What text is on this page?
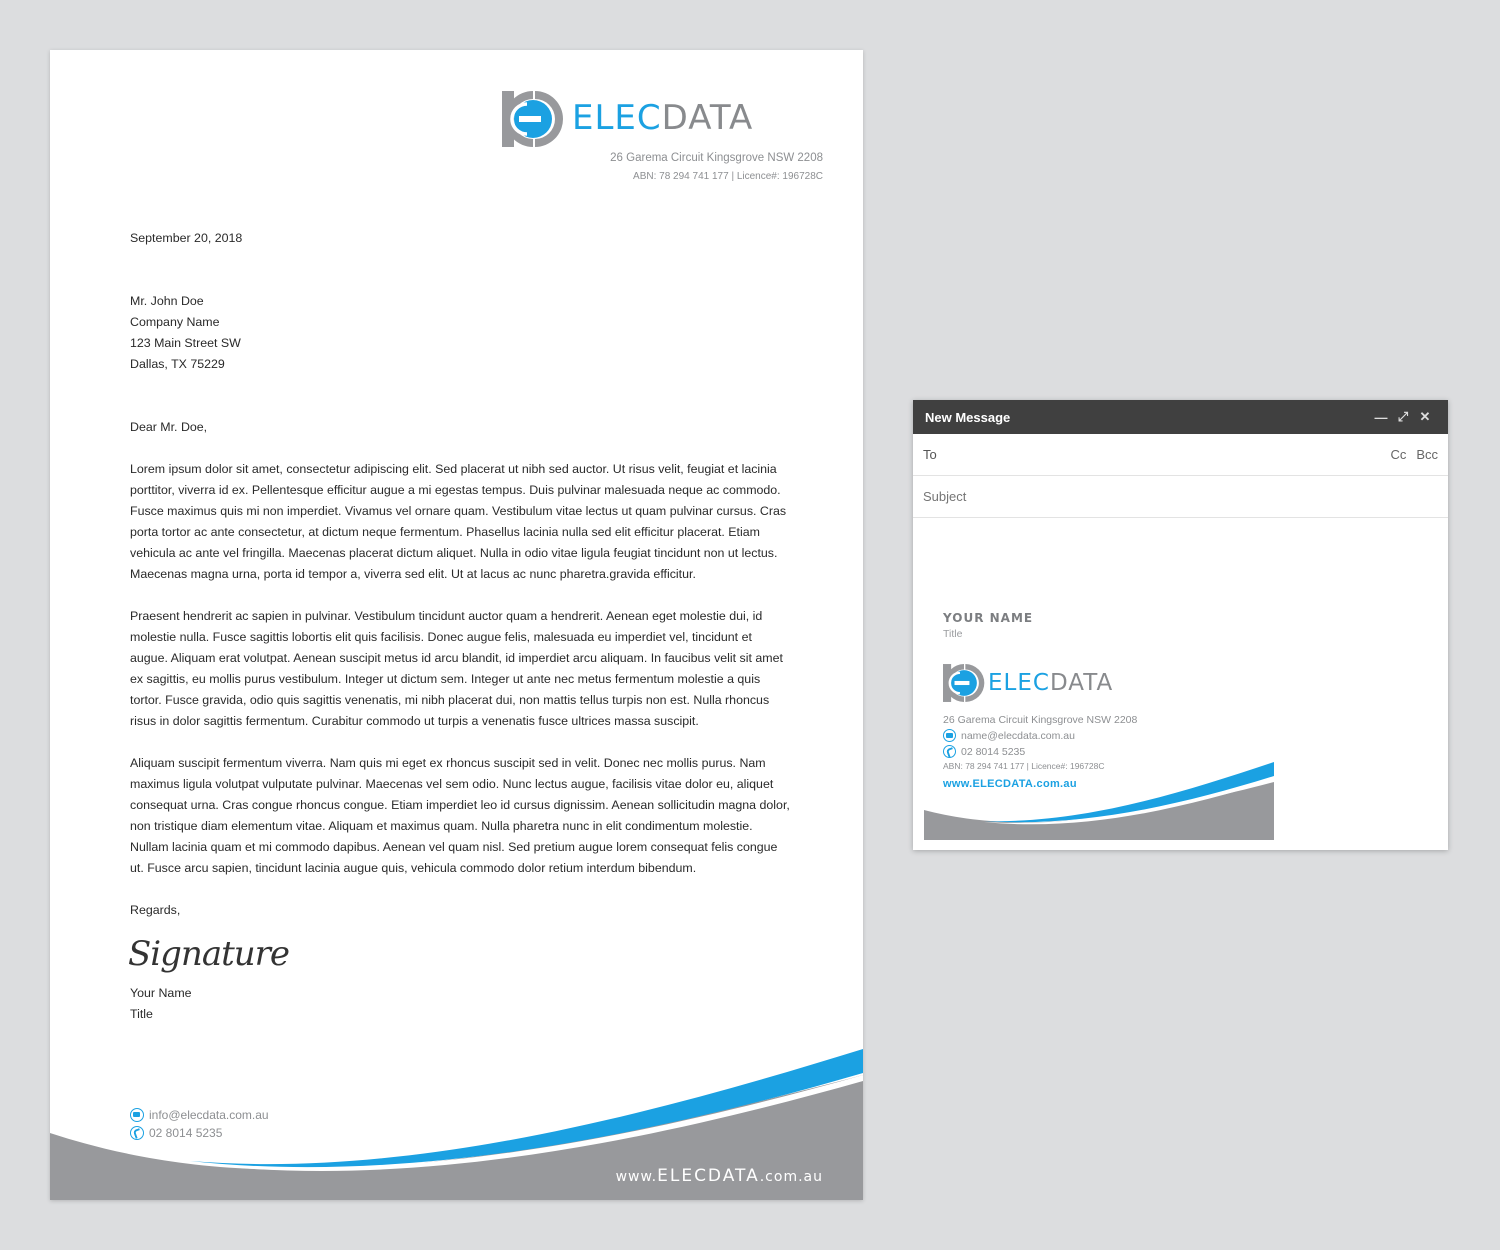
ELECDATA
26 Garema Circuit Kingsgrove NSW 2208
ABN: 78 294 741 177 | Licence#: 196728C

September 20, 2018

Mr. John Doe

Company Name

123 Main Street SW

Dallas, TX 75229

Dear Mr. Doe,

Lorem ipsum dolor sit amet, consectetur adipiscing elit. Sed placerat ut nibh sed auctor. Ut risus velit, feugiat et lacinia porttitor, viverra id ex. Pellentesque efficitur augue a mi egestas tempus. Duis pulvinar malesuada neque ac commodo. Fusce maximus quis mi non imperdiet. Vivamus vel ornare quam. Vestibulum vitae lectus ut quam pulvinar cursus. Cras porta tortor ac ante consectetur, at dictum neque fermentum. Phasellus lacinia nulla sed elit efficitur placerat. Etiam vehicula ac ante vel fringilla. Maecenas placerat dictum aliquet. Nulla in odio vitae ligula feugiat tincidunt non ut lectus. Maecenas magna urna, porta id tempor a, viverra sed elit. Ut at lacus ac nunc pharetra.gravida efficitur.

Praesent hendrerit ac sapien in pulvinar. Vestibulum tincidunt auctor quam a hendrerit. Aenean eget molestie dui, id molestie nulla. Fusce sagittis lobortis elit quis facilisis. Donec augue felis, malesuada eu imperdiet vel, tincidunt et augue. Aliquam erat volutpat. Aenean suscipit metus id arcu blandit, id imperdiet arcu aliquam. In faucibus velit sit amet ex sagittis, eu mollis purus vestibulum. Integer ut dictum sem. Integer ut ante nec metus fermentum molestie a quis tortor. Fusce gravida, odio quis sagittis venenatis, mi nibh placerat dui, non mattis tellus turpis non est. Nulla rhoncus risus in dolor sagittis fermentum. Curabitur commodo ut turpis a venenatis fusce ultrices massa suscipit.

Aliquam suscipit fermentum viverra. Nam quis mi eget ex rhoncus suscipit sed in velit. Donec nec mollis purus. Nam maximus ligula volutpat vulputate pulvinar. Maecenas vel sem odio. Nunc lectus augue, facilisis vitae dolor eu, aliquet consequat urna. Cras congue rhoncus congue. Etiam imperdiet leo id cursus dignissim. Aenean sollicitudin magna dolor, non tristique diam elementum vitae. Aliquam et maximus quam. Nulla pharetra nunc in elit condimentum molestie. Nullam lacinia quam et mi commodo dapibus. Aenean vel quam nisl. Sed pretium augue lorem consequat felis congue ut. Fusce arcu sapien, tincidunt lacinia augue quis, vehicula commodo dolor retium interdum bibendum.

Regards,

Signature

Your Name

Title

info@elecdata.com.au
02 8014 5235
www.ELECDATA.com.au
New Message	— ⤢ ✕
To	Cc Bcc
Subject
YOUR NAME
Title
ELECDATA
26 Garema Circuit Kingsgrove NSW 2208
name@elecdata.com.au
02 8014 5235
ABN: 78 294 741 177 | Licence#: 196728C
www.ELECDATA.com.au
